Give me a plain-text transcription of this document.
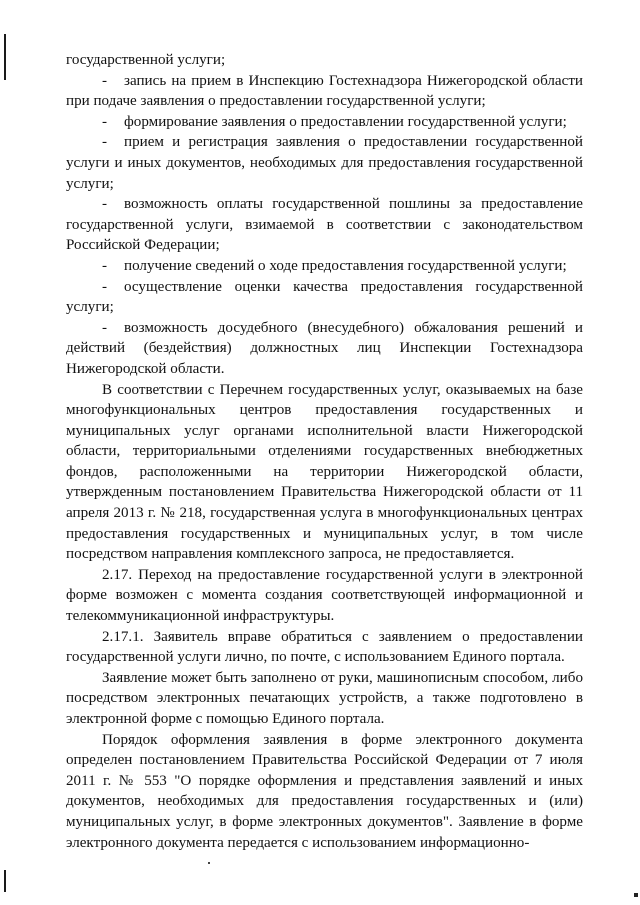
государственной услуги;

- запись на прием в Инспекцию Гостехнадзора Нижегородской области при подаче заявления о предоставлении государственной услуги;

- формирование заявления о предоставлении государственной услуги;

- прием и регистрация заявления о предоставлении государственной услуги и иных документов, необходимых для предоставления государственной услуги;

- возможность оплаты государственной пошлины за предоставление государственной услуги, взимаемой в соответствии с законодательством Российской Федерации;

- получение сведений о ходе предоставления государственной услуги;

- осуществление оценки качества предоставления государственной услуги;

- возможность досудебного (внесудебного) обжалования решений и действий (бездействия) должностных лиц Инспекции Гостехнадзора Нижегородской области.

В соответствии с Перечнем государственных услуг, оказываемых на базе многофункциональных центров предоставления государственных и муниципальных услуг органами исполнительной власти Нижегородской области, территориальными отделениями государственных внебюджетных фондов, расположенными на территории Нижегородской области, утвержденным постановлением Правительства Нижегородской области от 11 апреля 2013 г. № 218, государственная услуга в многофункциональных центрах предоставления государственных и муниципальных услуг, в том числе посредством направления комплексного запроса, не предоставляется.

2.17. Переход на предоставление государственной услуги в электронной форме возможен с момента создания соответствующей информационной и телекоммуникационной инфраструктуры.

2.17.1. Заявитель вправе обратиться с заявлением о предоставлении государственной услуги лично, по почте, с использованием Единого портала.

Заявление может быть заполнено от руки, машинописным способом, либо посредством электронных печатающих устройств, а также подготовлено в электронной форме с помощью Единого портала.

Порядок оформления заявления в форме электронного документа определен постановлением Правительства Российской Федерации от 7 июля 2011 г. № 553 "О порядке оформления и представления заявлений и иных документов, необходимых для предоставления государственных и (или) муниципальных услуг, в форме электронных документов". Заявление в форме электронного документа передается с использованием информационно-
